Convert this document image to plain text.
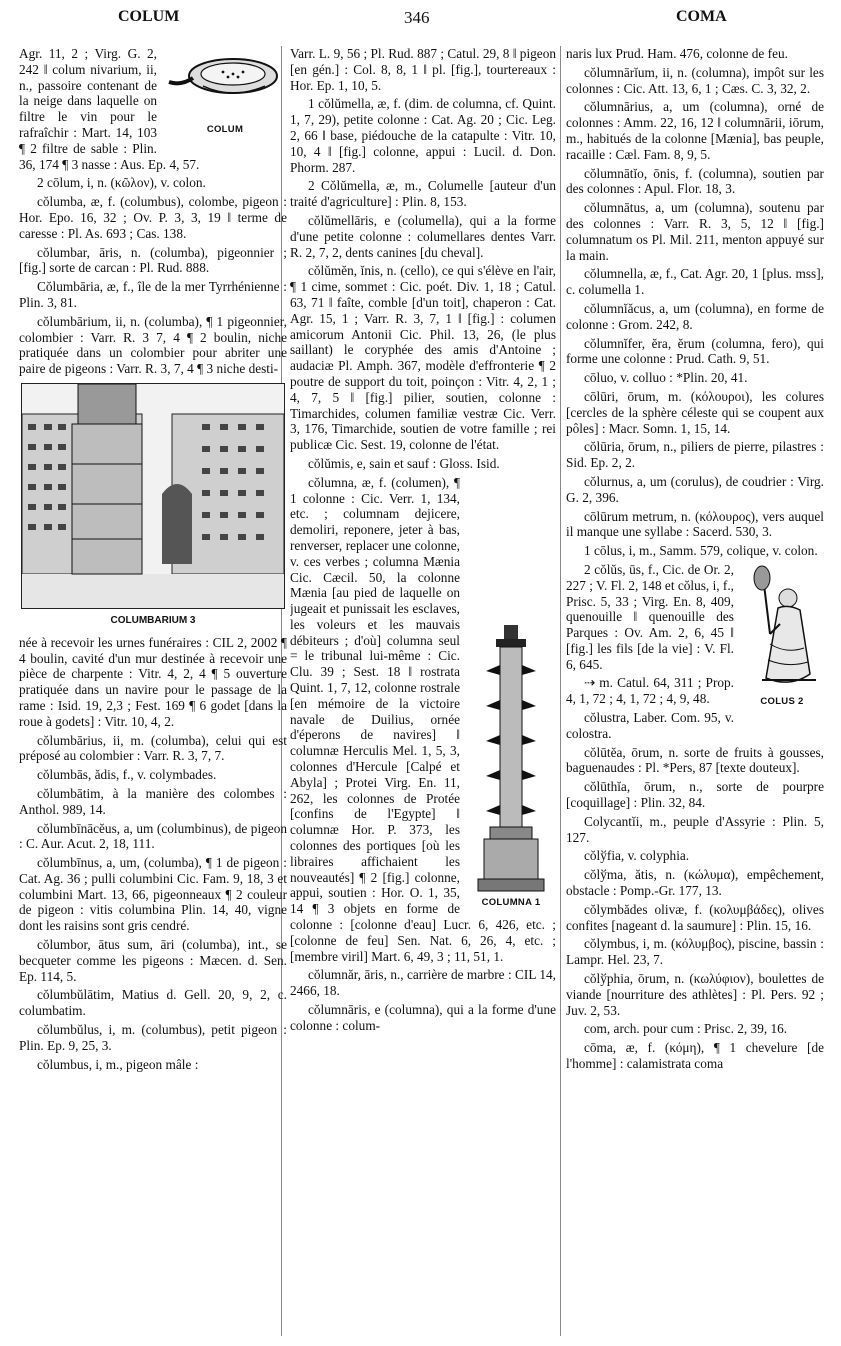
COLUM	346	COMA

COLUM
Agr. 11, 2 ; Virg. G. 2, 242 ‖ colum nivarium, ii, n., passoire contenant de la neige dans laquelle on filtre le vin pour le rafraîchir : Mart. 14, 103 ¶ 2 filtre de sable : Plin. 36, 174 ¶ 3 nasse : Aus. Ep. 4, 57.

2 cōlum, i, n. (κῶλον), v. colon.

cŏlumba, æ, f. (columbus), colombe, pigeon : Hor. Epo. 16, 32 ; Ov. P. 3, 3, 19 ‖ terme de caresse : Pl. As. 693 ; Cas. 138.

cŏlumbar, āris, n. (columba), pigeonnier ; [fig.] sorte de carcan : Pl. Rud. 888.

Cŏlumbāria, æ, f., île de la mer Tyrrhénienne : Plin. 3, 81.

cŏlumbārium, ii, n. (columba), ¶ 1 pigeonnier, colombier : Varr. R. 3 7, 4 ¶ 2 boulin, niche pratiquée dans un colombier pour abriter une paire de pigeons : Varr. R. 3, 7, 4 ¶ 3 niche desti-

COLUMBARIUM 3

née à recevoir les urnes funéraires : CIL 2, 2002 ¶ 4 boulin, cavité d'un mur destinée à recevoir une pièce de charpente : Vitr. 4, 2, 4 ¶ 5 ouverture pratiquée dans un navire pour le passage de la rame : Isid. 19, 2,3 ; Fest. 169 ¶ 6 godet [dans la roue à godets] : Vitr. 10, 4, 2.

cŏlumbārius, ii, m. (columba), celui qui est préposé au colombier : Varr. R. 3, 7, 7.

cŏlumbās, ădis, f., v. colymbades.

cŏlumbātim, à la manière des colombes : Anthol. 989, 14.

cŏlumbīnācĕus, a, um (columbinus), de pigeon : C. Aur. Acut. 2, 18, 111.

cŏlumbīnus, a, um, (columba), ¶ 1 de pigeon : Cat. Ag. 36 ; pulli columbini Cic. Fam. 9, 18, 3 et columbini Mart. 13, 66, pigeonneaux ¶ 2 couleur de pigeon : vitis columbina Plin. 14, 40, vigne dont les raisins sont gris cendré.

cŏlumbor, ātus sum, āri (columba), int., se becqueter comme les pigeons : Mæcen. d. Sen. Ep. 114, 5.

cŏlumbŭlātim, Matius d. Gell. 20, 9, 2, c. columbatim.

cŏlumbŭlus, i, m. (columbus), petit pigeon : Plin. Ep. 9, 25, 3.

cŏlumbus, i, m., pigeon mâle :

Varr. L. 9, 56 ; Pl. Rud. 887 ; Catul. 29, 8 ‖ pigeon [en gén.] : Col. 8, 8, 1 ‖ pl. [fig.], tourtereaux : Hor. Ep. 1, 10, 5.

1 cŏlŭmella, æ, f. (dim. de columna, cf. Quint. 1, 7, 29), petite colonne : Cat. Ag. 20 ; Cic. Leg. 2, 66 ‖ base, piédouche de la catapulte : Vitr. 10, 10, 4 ‖ [fig.] colonne, appui : Lucil. d. Don. Phorm. 287.

2 Cŏlŭmella, æ, m., Columelle [auteur d'un traité d'agriculture] : Plin. 8, 153.

cŏlŭmellāris, e (columella), qui a la forme d'une petite colonne : columellares dentes Varr. R. 2, 7, 2, dents canines [du cheval].

cŏlŭmĕn, ĭnis, n. (cello), ce qui s'élève en l'air, ¶ 1 cime, sommet : Cic. poét. Div. 1, 18 ; Catul. 63, 71 ‖ faîte, comble [d'un toit], chaperon : Cat. Agr. 15, 1 ; Varr. R. 3, 7, 1 ‖ [fig.] : columen amicorum Antonii Cic. Phil. 13, 26, (le plus saillant) le coryphée des amis d'Antoine ; audaciæ Pl. Amph. 367, modèle d'effronterie ¶ 2 poutre de support du toit, poinçon : Vitr. 4, 2, 1 ; 4, 7, 5 ‖ [fig.] pilier, soutien, colonne : Timarchides, columen familiæ vestræ Cic. Verr. 3, 176, Timarchide, soutien de votre famille ; rei publicæ Cic. Sest. 19, colonne de l'état.

cŏlŭmis, e, sain et sauf : Gloss. Isid.

COLUMNA 1
cŏlumna, æ, f. (columen), ¶ 1 colonne : Cic. Verr. 1, 134, etc. ; columnam dejicere, demoliri, reponere, jeter à bas, renverser, replacer une colonne, v. ces verbes ; columna Mænia Cic. Cæcil. 50, la colonne Mænia [au pied de laquelle on jugeait et punissait les esclaves, les voleurs et les mauvais débiteurs ; d'où] columna seul = le tribunal lui-même : Cic. Clu. 39 ; Sest. 18 ‖ rostrata Quint. 1, 7, 12, colonne rostrale [en mémoire de la victoire navale de Duilius, ornée d'éperons de navires] ‖ columnæ Herculis Mel. 1, 5, 3, colonnes d'Hercule [Calpé et Abyla] ; Protei Virg. En. 11, 262, les colonnes de Protée [confins de l'Egypte] ‖ columnæ Hor. P. 373, les colonnes des portiques [où les libraires affichaient les nouveautés] ¶ 2 [fig.] colonne, appui, soutien : Hor. O. 1, 35, 14 ¶ 3 objets en forme de colonne : [colonne d'eau] Lucr. 6, 426, etc. ; [colonne de feu] Sen. Nat. 6, 26, 4, etc. ; [membre viril] Mart. 6, 49, 3 ; 11, 51, 1.

cŏlumnăr, āris, n., carrière de marbre : CIL 14, 2466, 18.

cŏlumnāris, e (columna), qui a la forme d'une colonne : colum-

naris lux Prud. Ham. 476, colonne de feu.

cŏlumnārĭum, ii, n. (columna), impôt sur les colonnes : Cic. Att. 13, 6, 1 ; Cæs. C. 3, 32, 2.

cŏlumnārius, a, um (columna), orné de colonnes : Amm. 22, 16, 12 ‖ columnārii, iōrum, m., habitués de la colonne [Mænia], bas peuple, racaille : Cæl. Fam. 8, 9, 5.

cŏlumnātĭo, ōnis, f. (columna), soutien par des colonnes : Apul. Flor. 18, 3.

cŏlumnātus, a, um (columna), soutenu par des colonnes : Varr. R. 3, 5, 12 ‖ [fig.] columnatum os Pl. Mil. 211, menton appuyé sur la main.

cŏlumnella, æ, f., Cat. Agr. 20, 1 [plus. mss], c. columella 1.

cŏlumnĭăcus, a, um (columna), en forme de colonne : Grom. 242, 8.

cŏlumnĭfer, ĕra, ĕrum (columna, fero), qui forme une colonne : Prud. Cath. 9, 51.

cōluo, v. colluo : *Plin. 20, 41.

cōlūri, ōrum, m. (κόλουροι), les colures [cercles de la sphère céleste qui se coupent aux pôles] : Macr. Somn. 1, 15, 14.

cŏlūria, ōrum, n., piliers de pierre, pilastres : Sid. Ep. 2, 2.

cŏlurnus, a, um (corulus), de coudrier : Virg. G. 2, 396.

cōlūrum metrum, n. (κόλουρος), vers auquel il manque une syllabe : Sacerd. 530, 3.

1 cōlus, i, m., Samm. 579, colique, v. colon.

COLUS 2
2 cŏlŭs, ūs, f., Cic. de Or. 2, 227 ; V. Fl. 2, 148 et cŏlus, i, f., Prisc. 5, 33 ; Virg. En. 8, 409, quenouille ‖ quenouille des Parques : Ov. Am. 2, 6, 45 ‖ [fig.] les fils [de la vie] : V. Fl. 6, 645.

⇢ m. Catul. 64, 311 ; Prop. 4, 1, 72 ; 4, 1, 72 ; 4, 9, 48.

cŏlustra, Laber. Com. 95, v. colostra.

cŏlūtĕa, ōrum, n. sorte de fruits à gousses, baguenaudes : Pl. *Pers, 87 [texte douteux].

cŏlūthĭa, ōrum, n., sorte de pourpre [coquillage] : Plin. 32, 84.

Colycantĭi, m., peuple d'Assyrie : Plin. 5, 127.

cŏlўfia, v. colyphia.

cŏlўma, ătis, n. (κώλυμα), empêchement, obstacle : Pomp.-Gr. 177, 13.

cŏlymbădes olivæ, f. (κολυμβάδες), olives confites [nageant d. la saumure] : Plin. 15, 16.

cŏlymbus, i, m. (κόλυμβος), piscine, bassin : Lampr. Hel. 23, 7.

cŏlўphia, ōrum, n. (κωλύφιον), boulettes de viande [nourriture des athlètes] : Pl. Pers. 92 ; Juv. 2, 53.

com, arch. pour cum : Prisc. 2, 39, 16.

cōma, æ, f. (κόμη), ¶ 1 chevelure [de l'homme] : calamistrata coma
